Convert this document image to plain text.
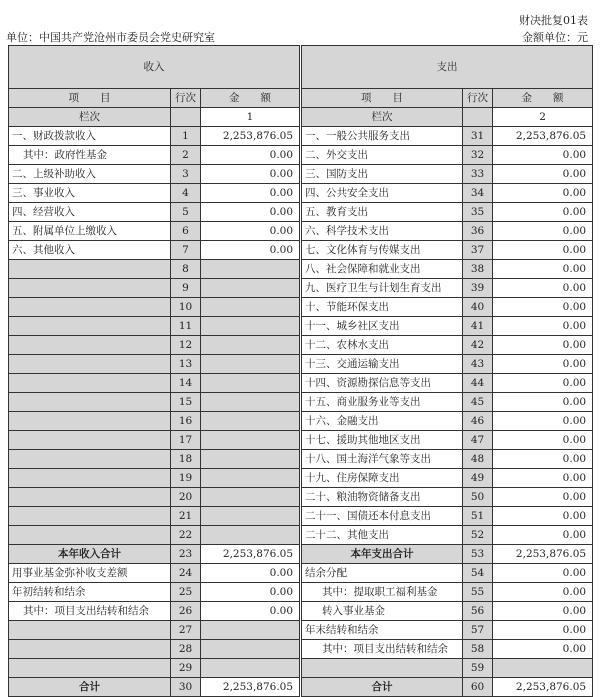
财决批复01表
单位：中国共产党沧州市委员会党史研究室	金额单位：元
收入			支出		
项　　目	行次	金　　额	项　　目	行次	金　　额
栏次		1	栏次		2
一、财政拨款收入	1	2,253,876.05	一、一般公共服务支出	31	2,253,876.05
其中：政府性基金	2	0.00	二、外交支出	32	0.00
二、上级补助收入	3	0.00	三、国防支出	33	0.00
三、事业收入	4	0.00	四、公共安全支出	34	0.00
四、经营收入	5	0.00	五、教育支出	35	0.00
五、附属单位上缴收入	6	0.00	六、科学技术支出	36	0.00
六、其他收入	7	0.00	七、文化体育与传媒支出	37	0.00
	8		八、社会保障和就业支出	38	0.00
	9		九、医疗卫生与计划生育支出	39	0.00
	10		十、节能环保支出	40	0.00
	11		十一、城乡社区支出	41	0.00
	12		十二、农林水支出	42	0.00
	13		十三、交通运输支出	43	0.00
	14		十四、资源勘探信息等支出	44	0.00
	15		十五、商业服务业等支出	45	0.00
	16		十六、金融支出	46	0.00
	17		十七、援助其他地区支出	47	0.00
	18		十八、国土海洋气象等支出	48	0.00
	19		十九、住房保障支出	49	0.00
	20		二十、粮油物资储备支出	50	0.00
	21		二十一、国债还本付息支出	51	0.00
	22		二十二、其他支出	52	0.00
本年收入合计	23	2,253,876.05	本年支出合计	53	2,253,876.05
用事业基金弥补收支差额	24	0.00	结余分配	54	0.00
年初结转和结余	25	0.00	其中：提取职工福利基金	55	0.00
其中：项目支出结转和结余	26	0.00	转入事业基金	56	0.00
	27		年末结转和结余	57	0.00
	28		其中：项目支出结转和结余	58	0.00
	29			59	
合计	30	2,253,876.05	合计	60	2,253,876.05
